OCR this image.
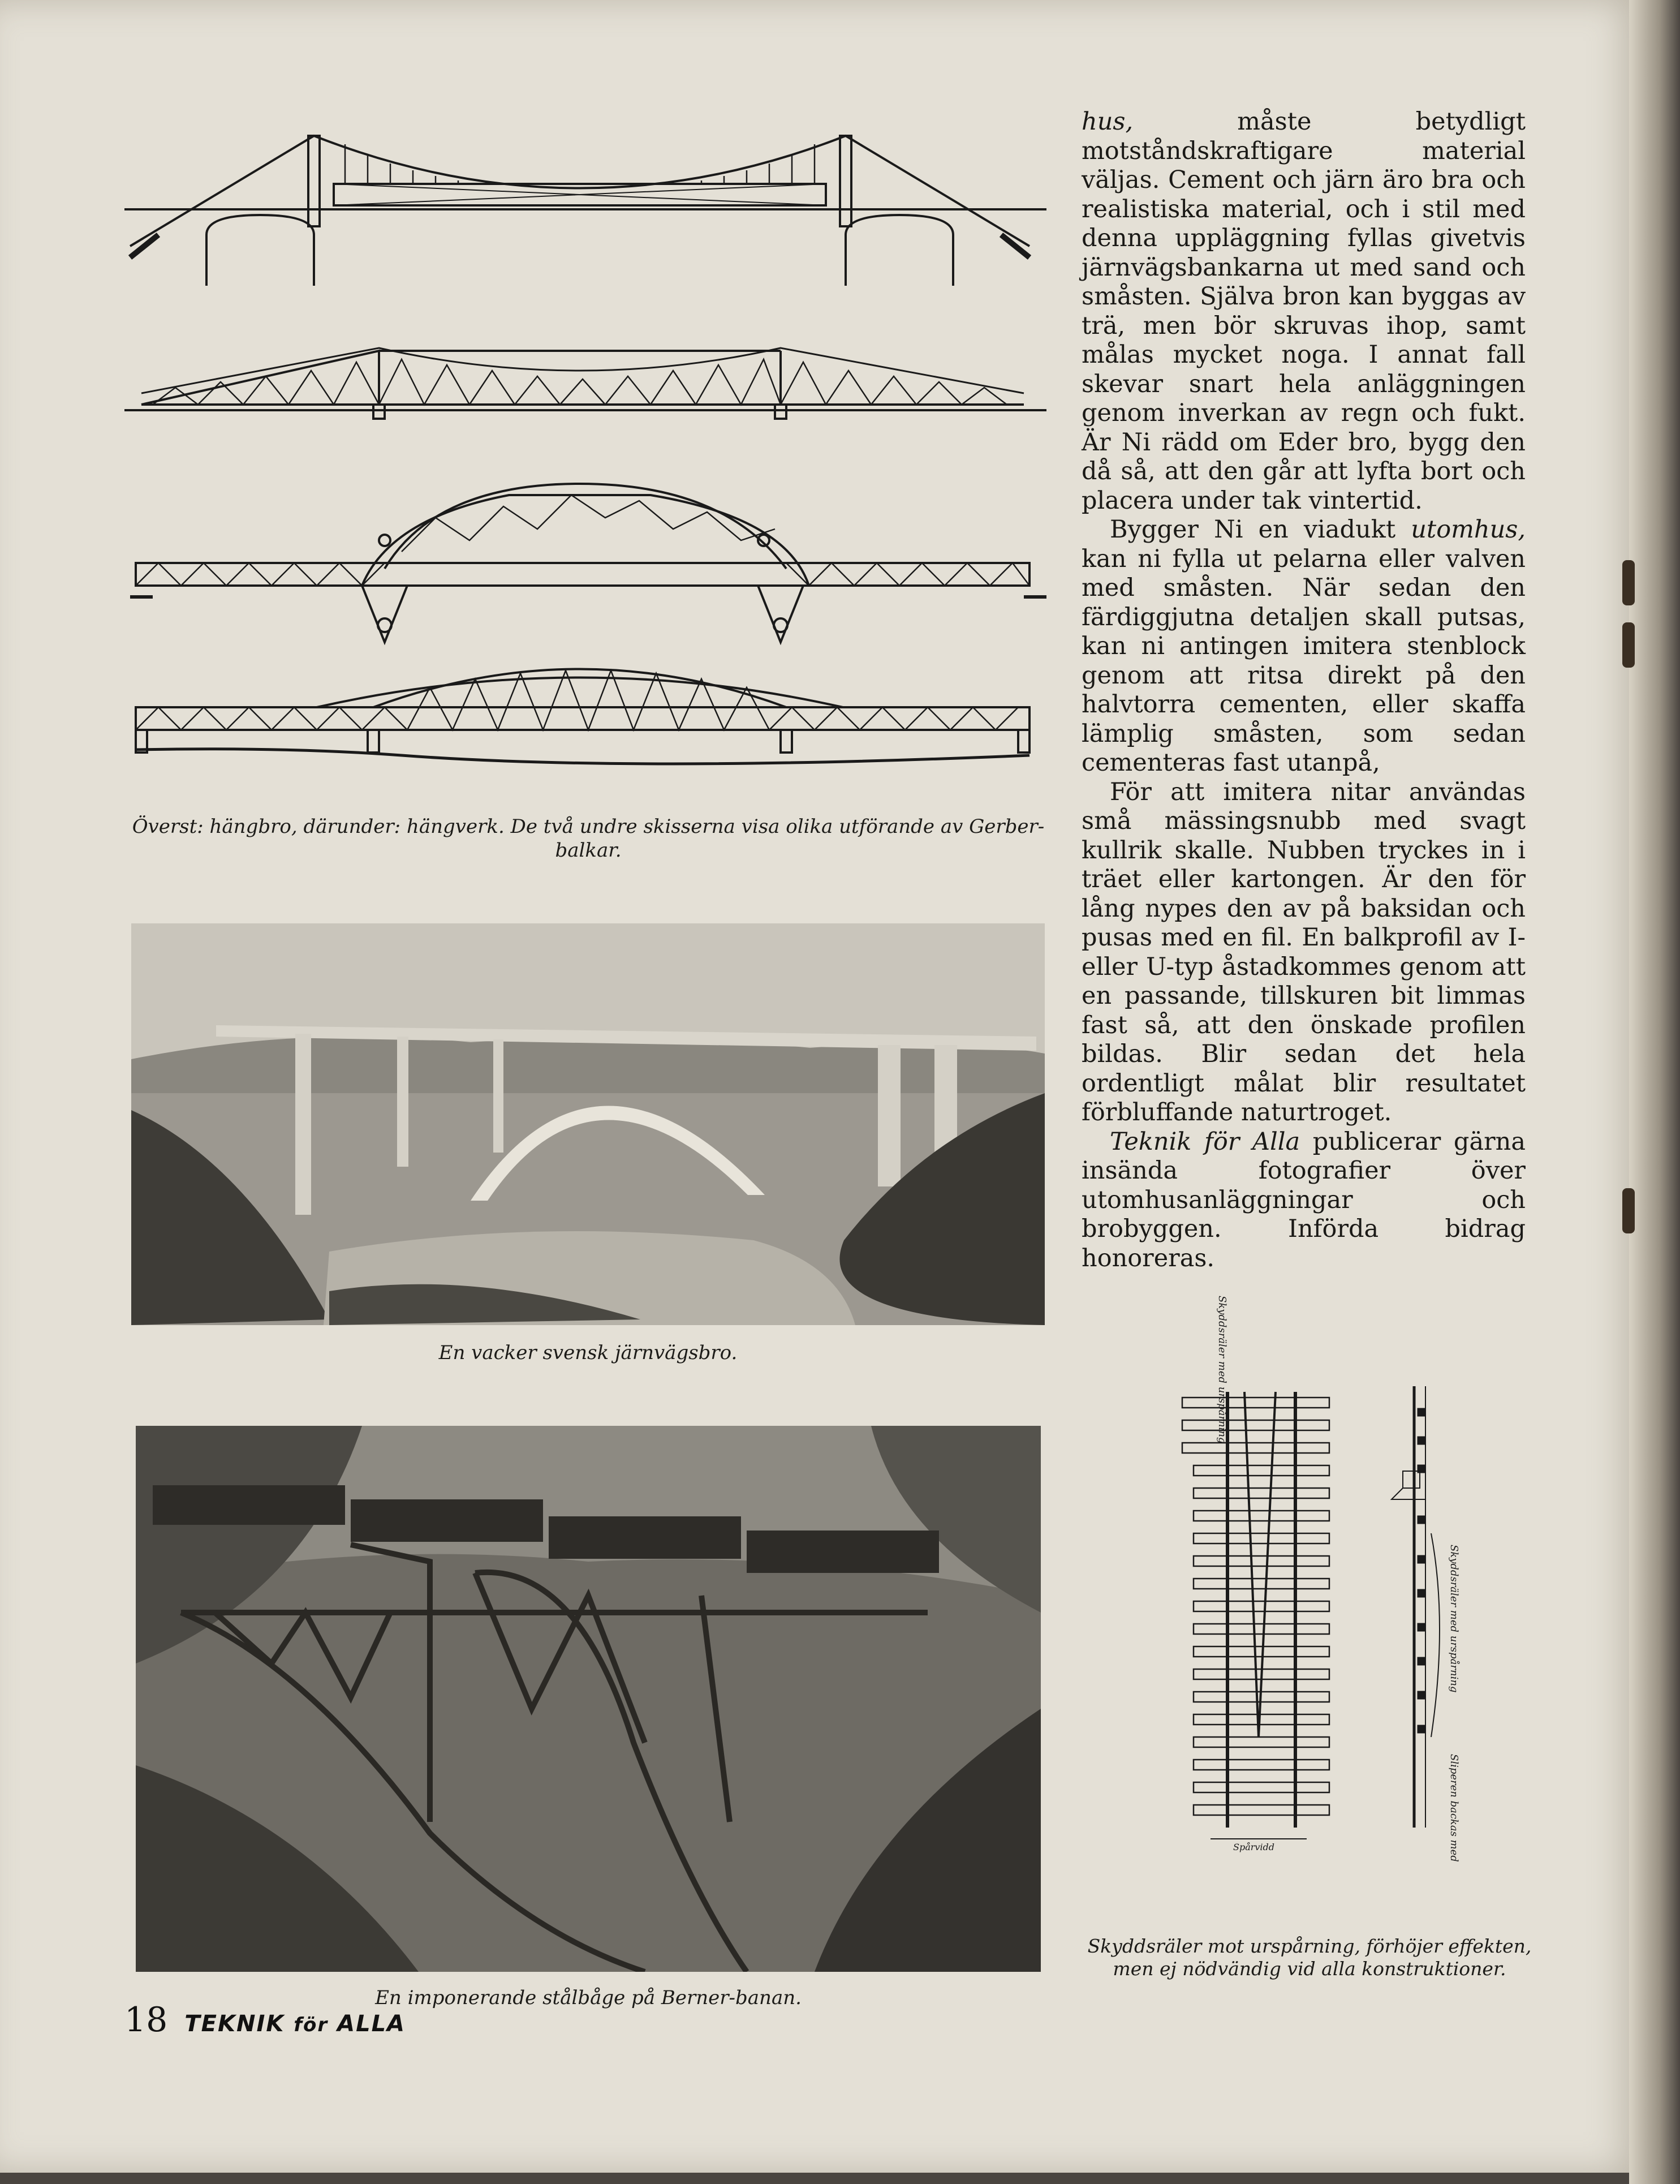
Överst: hängbro, därunder: hängverk. De två undre skisserna visa olika utförande av Gerber-balkar.
En vacker svensk järnvägsbro.
En imponerande stålbåge på Berner-banan.

hus, måste betydligt motståndskraftigare material väljas. Cement och järn äro bra och realistiska material, och i stil med denna uppläggning fyllas givetvis järnvägsbankarna ut med sand och småsten. Själva bron kan byggas av trä, men bör skruvas ihop, samt målas mycket noga. I annat fall skevar snart hela anläggningen genom inverkan av regn och fukt. Är Ni rädd om Eder bro, bygg den då så, att den går att lyfta bort och placera under tak vintertid.

Bygger Ni en viadukt utomhus, kan ni fylla ut pelarna eller valven med småsten. När sedan den färdiggjutna detaljen skall putsas, kan ni antingen imitera stenblock genom att ritsa direkt på den halvtorra cementen, eller skaffa lämplig småsten, som sedan cementeras fast utanpå,

För att imitera nitar användas små mässingsnubb med svagt kullrik skalle. Nubben tryckes in i träet eller kartongen. Är den för lång nypes den av på baksidan och pusas med en fil. En balkprofil av I- eller U-typ åstadkommes genom att en passande, tillskuren bit limmas fast så, att den önskade profilen bildas. Blir sedan det hela ordentligt målat blir resultatet förbluffande naturtroget.

Teknik för Alla publicerar gärna insända fotografier över utomhusanläggningar och brobyggen. Införda bidrag honoreras.

Spårvidd
Skyddsräler med urspårning
Skyddsräler med urspårning
Sliperen backas med
Skyddsräler mot urspårning, förhöjer effekten, men ej nödvändig vid alla konstruktioner.
18 TEKNIK för ALLA
